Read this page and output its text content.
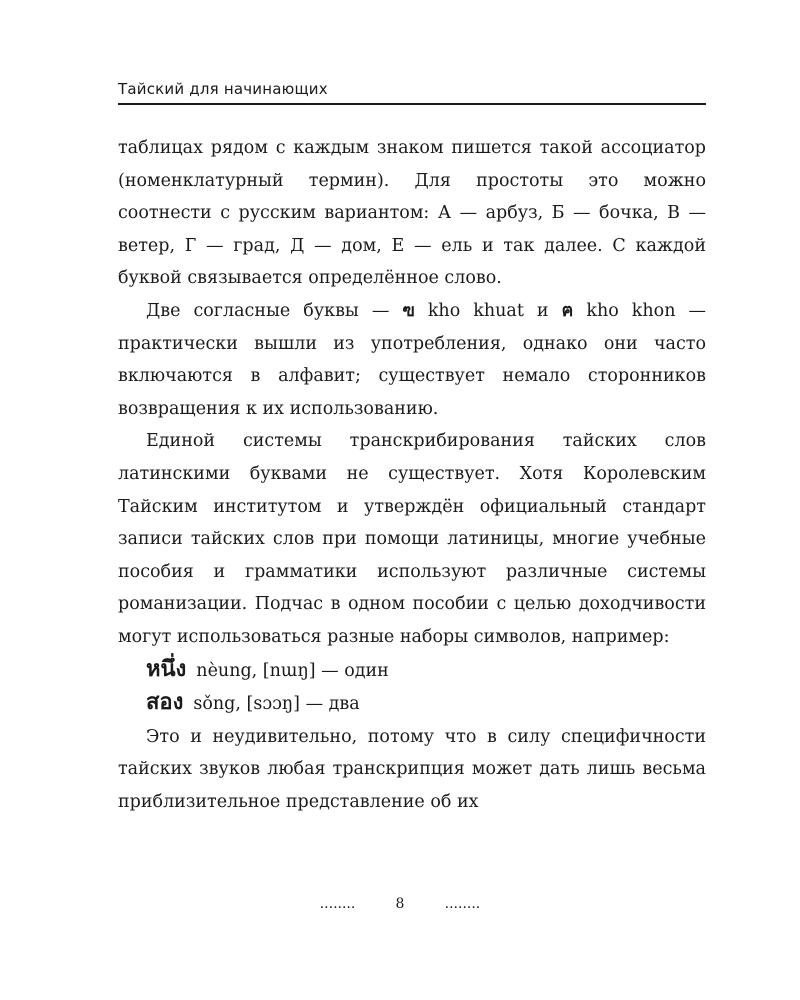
Тайский для начинающих

таблицах рядом с каждым знаком пишется такой ассоциатор (номенклатурный термин). Для простоты это можно соотнести с русским вариантом: А — арбуз, Б — бочка, В — ветер, Г — град, Д — дом, Е — ель и так далее. С каждой буквой связывается определённое слово.

Две согласные буквы — ฃ kho khuat и ฅ kho khon — практически вышли из употребления, однако они часто включаются в алфавит; существует немало сторонников возвращения к их использованию.

Единой системы транскрибирования тайских слов латинскими буквами не существует. Хотя Королевским Тайским институтом и утверждён официальный стандарт записи тайских слов при помощи латиницы, многие учебные пособия и грамматики используют различные системы романизации. Подчас в одном пособии с целью доходчивости могут использоваться разные наборы символов, например:

หนึ่ง nèung, [nɯŋ] — один

สอง sǒng, [sɔɔŋ] — два

Это и неудивительно, потому что в силу специфичности тайских звуков любая транскрипция может дать лишь весьма приблизительное представление об их

........	8	........
